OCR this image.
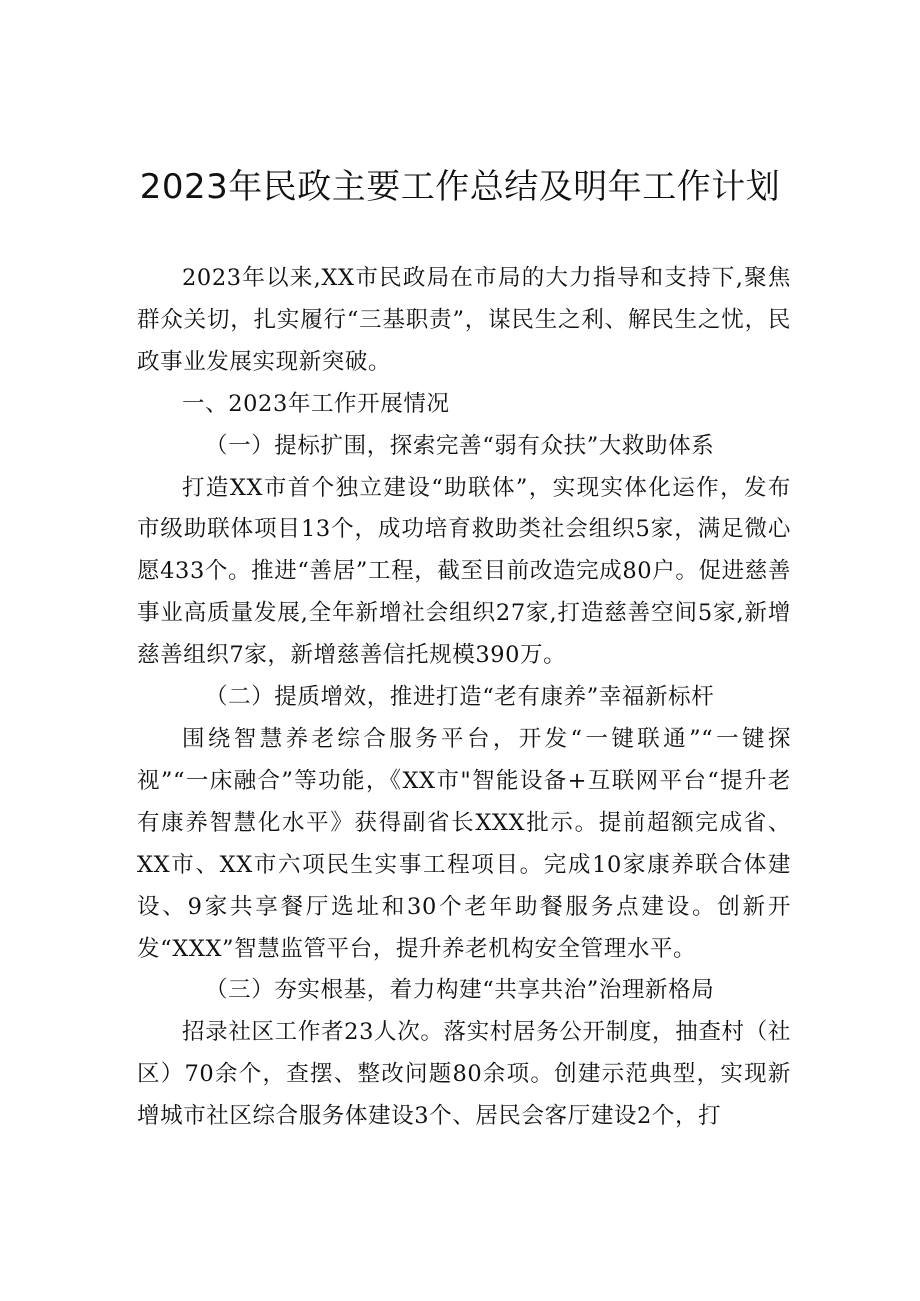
2023年民政主要工作总结及明年工作计划

2023年以来,XX市民政局在市局的大力指导和支持下,聚焦群众关切，扎实履行“三基职责”，谋民生之利、解民生之忧，民政事业发展实现新突破。

一、2023年工作开展情况

（一）提标扩围，探索完善“弱有众扶”大救助体系

打造XX市首个独立建设“助联体”，实现实体化运作，发布市级助联体项目13个，成功培育救助类社会组织5家，满足微心愿433个。推进“善居”工程，截至目前改造完成80户。促进慈善事业高质量发展,全年新增社会组织27家,打造慈善空间5家,新增慈善组织7家，新增慈善信托规模390万。

（二）提质增效，推进打造“老有康养”幸福新标杆

围绕智慧养老综合服务平台，开发“一键联通”“一键探视”“一床融合”等功能，《XX市"智能设备+互联网平台“提升老有康养智慧化水平》获得副省长XXX批示。提前超额完成省、XX市、XX市六项民生实事工程项目。完成10家康养联合体建设、9家共享餐厅选址和30个老年助餐服务点建设。创新开发“XXX”智慧监管平台，提升养老机构安全管理水平。

（三）夯实根基，着力构建“共享共治”治理新格局

招录社区工作者23人次。落实村居务公开制度，抽查村（社区）70余个，查摆、整改问题80余项。创建示范典型，实现新增城市社区综合服务体建设3个、居民会客厅建设2个，打
